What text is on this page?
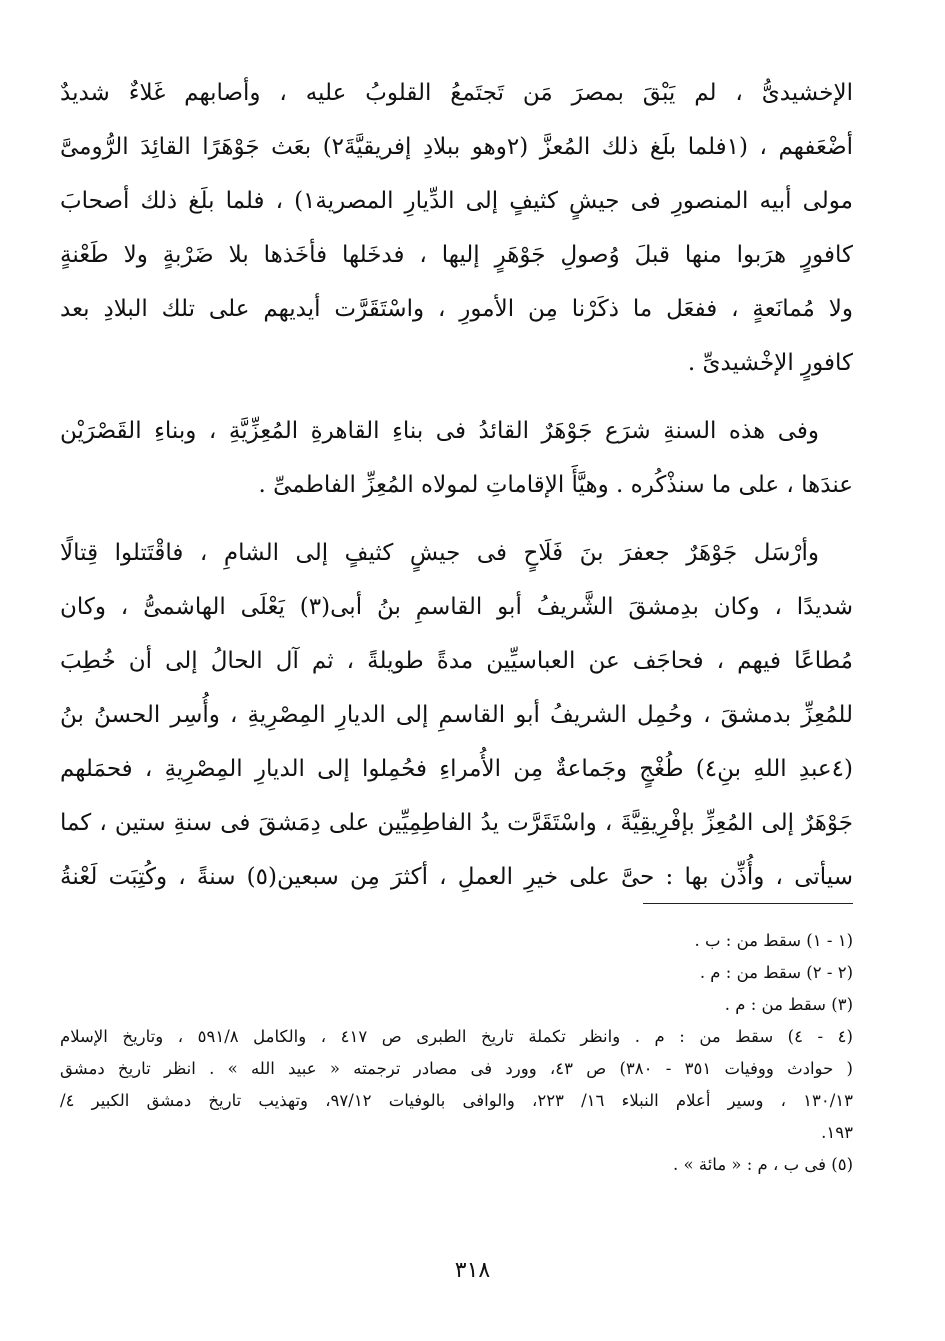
الإخشيدىُّ ، لم يَبْقَ بمصرَ مَن تَجتَمعُ القلوبُ عليه ، وأصابهم غَلاءٌ شديدٌ
أضْعَفهم ، (١فلما بلَغ ذلك المُعزَّ (٢وهو ببلادِ إفريقيَّةَ٢) بعَث جَوْهَرًا القائِدَ الرُّومىَّ
مولى أبيه المنصورِ فى جيشٍ كثيفٍ إلى الدِّيارِ المصرية١) ، فلما بلَغ ذلك أصحابَ
كافورٍ هرَبوا منها قبلَ وُصولِ جَوْهَرٍ إليها ، فدخَلها فأخَذها بلا ضَرْبةٍ ولا طَعْنةٍ
ولا مُمانَعةٍ ، ففعَل ما ذكَرْنا مِن الأمورِ ، واسْتَقَرَّت أيديهم على تلك البلادِ بعد
كافورٍ الإخْشيدىِّ .
وفى هذه السنةِ شرَع جَوْهَرٌ القائدُ فى بناءِ القاهرةِ المُعِزِّيَّةِ ، وبناءِ القَصْرَيْن
عندَها ، على ما سنذْكُره . وهيَّأَ الإقاماتِ لمولاه المُعِزِّ الفاطمىِّ .
وأرْسَل جَوْهَرٌ جعفرَ بنَ فَلَاحٍ فى جيشٍ كثيفٍ إلى الشامِ ، فاقْتَتلوا قِتالًا
شديدًا ، وكان بدِمشقَ الشَّريفُ أبو القاسمِ بنُ أبى(٣) يَعْلَى الهاشمىُّ ، وكان
مُطاعًا فيهم ، فحاجَف عن العباسيِّين مدةً طويلةً ، ثم آل الحالُ إلى أن خُطِبَ
للمُعِزِّ بدمشقَ ، وحُمِل الشريفُ أبو القاسمِ إلى الديارِ المِصْرِيةِ ، وأُسِر الحسنُ بنُ
(٤عبدِ اللهِ بنِ٤) طُغْجٍ وجَماعةٌ مِن الأُمراءِ فحُمِلوا إلى الديارِ المِصْرِيةِ ، فحمَلهم
جَوْهَرٌ إلى المُعِزِّ بإفْرِيقِيَّةَ ، واسْتَقَرَّت يدُ الفاطِمِيِّين على دِمَشقَ فى سنةِ ستين ، كما
سيأتى ، وأُذِّن بها : حىَّ على خيرِ العملِ ، أكثرَ مِن سبعين(٥) سنةً ، وكُتِبَت لَعْنةُ
(١ - ١) سقط من : ب .
(٢ - ٢) سقط من : م .
(٣) سقط من : م .
(٤ - ٤) سقط من : م . وانظر تكملة تاريخ الطبرى ص ٤١٧ ، والكامل ٥٩١/٨ ، وتاريخ الإسلام
( حوادث ووفيات ٣٥١ - ٣٨٠) ص ٤٣، وورد فى مصادر ترجمته « عبيد الله » . انظر تاريخ دمشق
١٣٠/١٣ ، وسير أعلام النبلاء ١٦/ ٢٢٣، والوافى بالوفيات ٩٧/١٢، وتهذيب تاريخ دمشق الكبير ٤/
١٩٣.
(٥) فى ب ، م : « مائة » .
٣١٨
